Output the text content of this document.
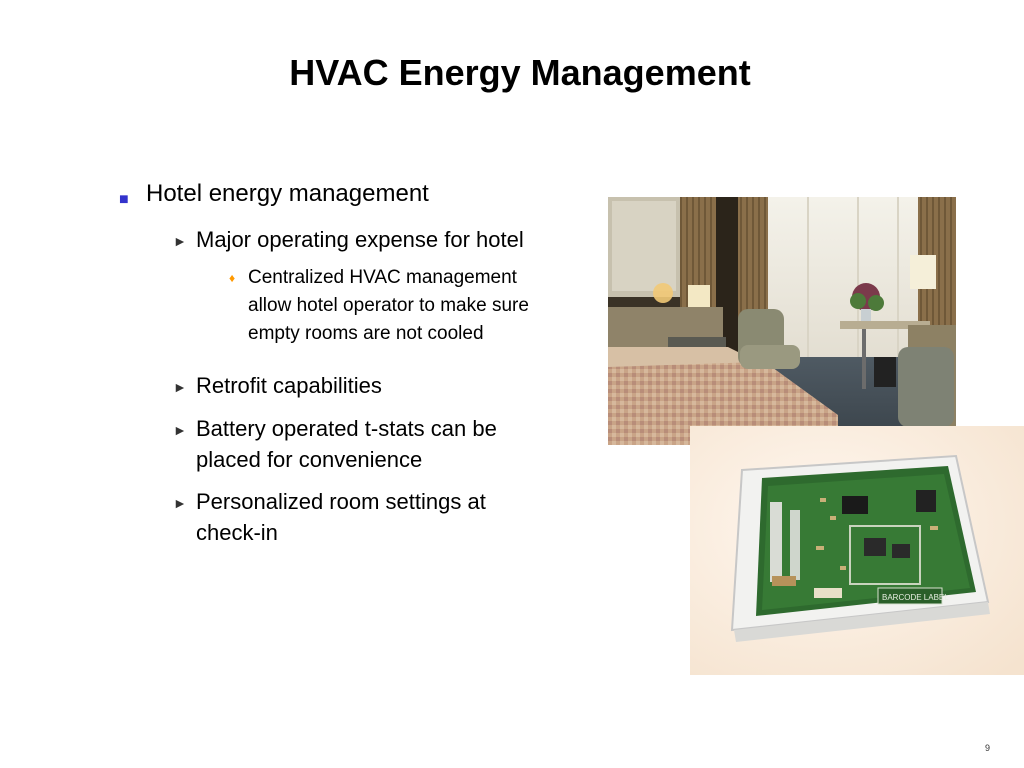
HVAC Energy Management
■ Hotel energy management
► Major operating expense for hotel
♦ Centralized HVAC management
allow hotel operator to make sure
empty rooms are not cooled
► Retrofit capabilities
► Battery operated t-stats can be
placed for convenience
► Personalized room settings at
check-in
BARCODE LABEL
9
